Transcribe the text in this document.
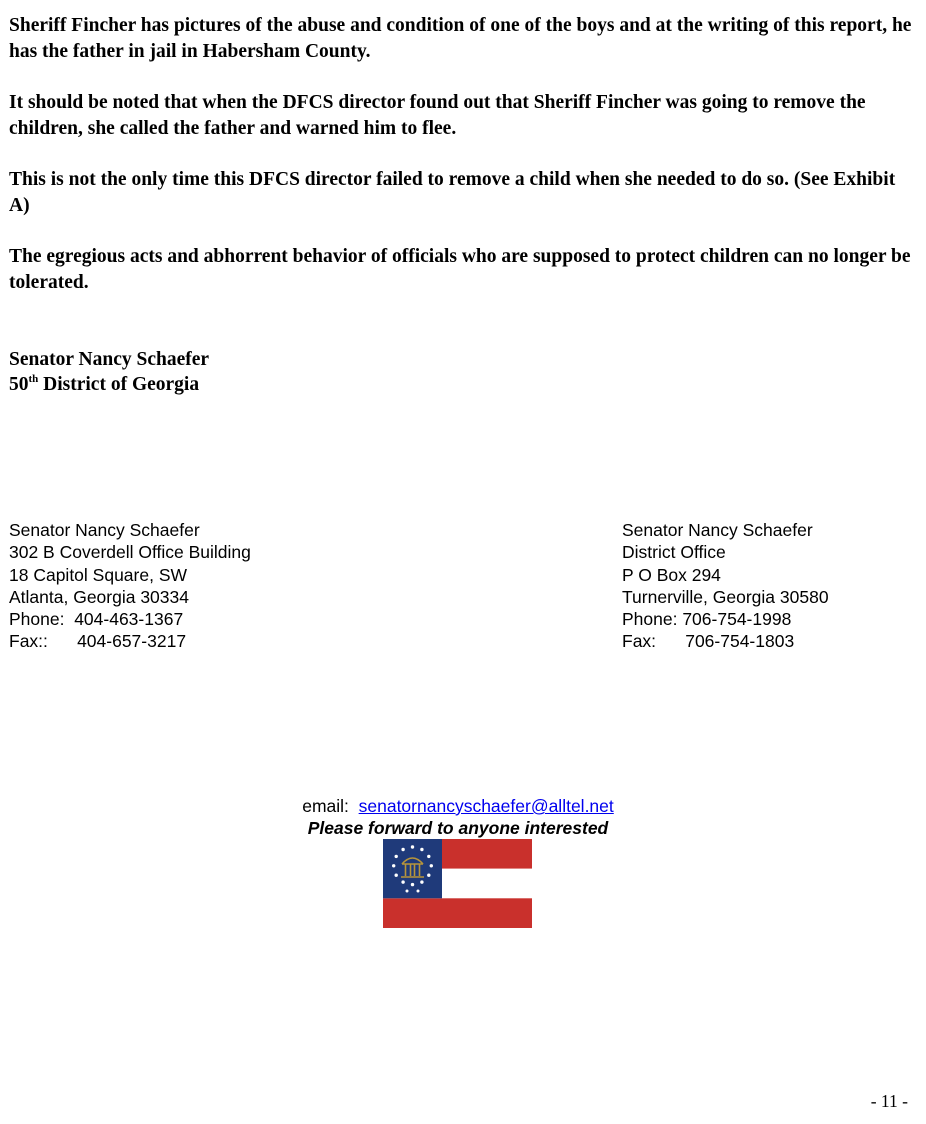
Sheriff Fincher has pictures of the abuse and condition of one of the boys and at the writing of this report, he has the father in jail in Habersham County.

It should be noted that when the DFCS director found out that Sheriff Fincher was going to remove the children, she called the father and warned him to flee.

This is not the only time this DFCS director failed to remove a child when she needed to do so. (See Exhibit A)

The egregious acts and abhorrent behavior of officials who are supposed to protect children can no longer be tolerated.

Senator Nancy Schaefer
50th District of Georgia
Senator Nancy Schaefer
302 B Coverdell Office Building
18 Capitol Square, SW
Atlanta, Georgia 30334
Phone:  404-463-1367
Fax::      404-657-3217
Senator Nancy Schaefer
District Office
P O Box 294
Turnerville, Georgia 30580
Phone: 706-754-1998
Fax:      706-754-1803
email:  senatornancyschaefer@alltel.net
Please forward to anyone interested
- 11 -
